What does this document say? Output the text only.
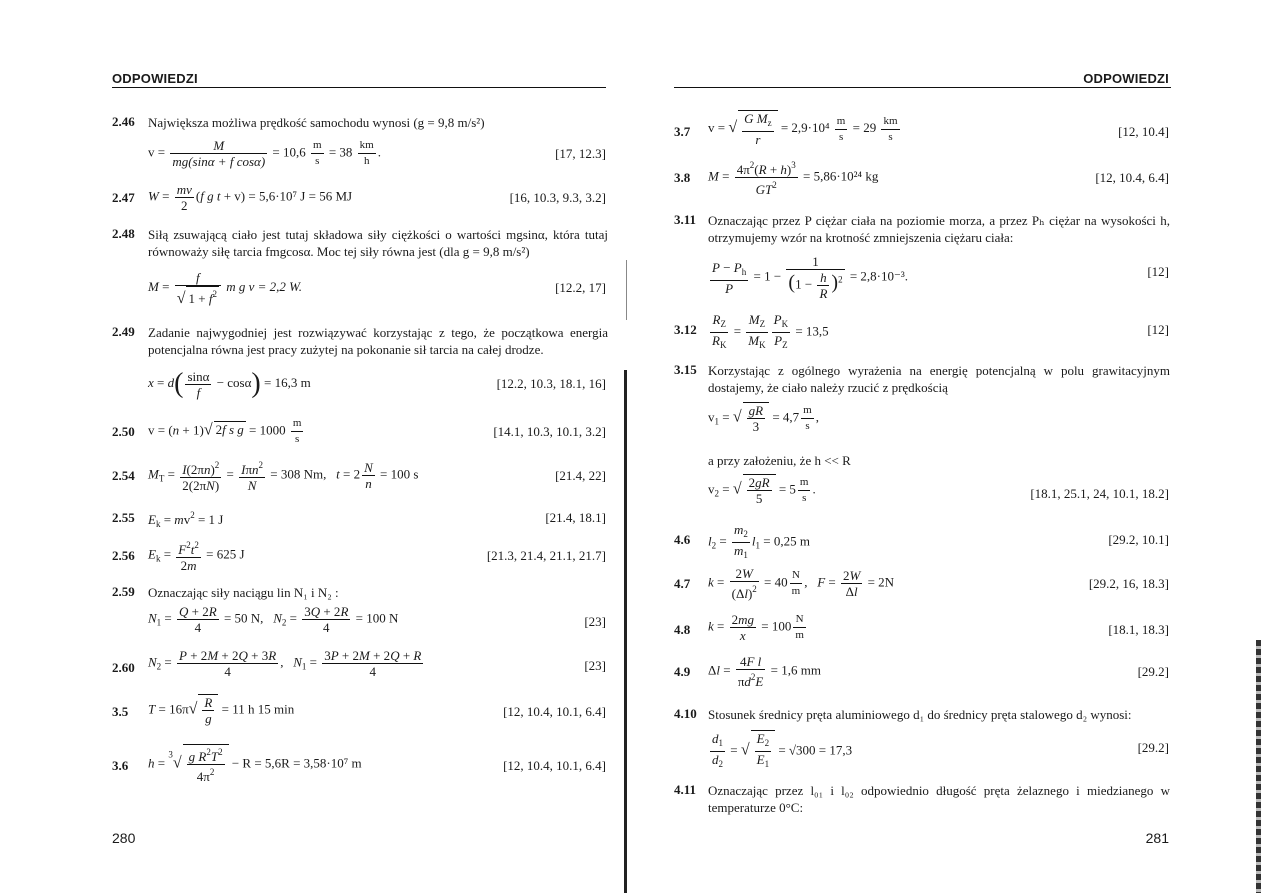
ODPOWIEDZI
2.46 Największa możliwa prędkość samochodu wynosi (g = 9,8 m/s²)
$v = \frac{M}{\text{mg(sinα + f cosα)}} = 10,6 \frac{m}{s} = 38 \frac{km}{h}$ .	[17, 12.3]
2.47 $W = \frac{mv}{2} (f$ g t + v) = 5,6·10⁷ J = 56 MJ	[16, 10.3, 9.3, 3.2]
2.48 Siłą zsuwającą ciało jest tutaj składowa siły ciężkości o wartości mgsinα, która tutaj równoważy siłę tarcia fmgcosα. Moc tej siły równa jest (dla g = 9,8 m/s²)
$M = \frac{f}{√ 1 + f^2}$ m g v = 2,2 W.	[12.2, 17]
2.49 Zadanie najwygodniej jest rozwiązywać korzystając z tego, że początkowa energia potencjalna równa jest pracy zużytej na pokonanie sił tarcia na całej drodze.
$x = d( \frac{\sin\alpha}{f} - \cos\alpha) = 16,3$ m	[12.2, 10.3, 18.1, 16]
2.50 v = (n + 1)√ 2f s $g = 1000 \frac{m}{s}$	[14.1, 10.3, 10.1, 3.2]
2.54 $M_T = \frac{I(2\pi n)^2}{2(2\pi N)} = \frac{I\pi n^2}{N} = 308$ Nm, $t = 2 \frac{N}{n} = 100$ s	[21.4, 22]
2.55 $E_k = mv^2 = 1$ J	[21.4, 18.1]
2.56 $E_k = \frac{F^2t^2}{2m} = 625$ J	[21.3, 21.4, 21.1, 21.7]
2.59 Oznaczając siły naciągu lin N₁ i N₂ :
$N_1 = \frac{Q + 2R}{4} = 50$ N, $N_2 = \frac{3Q + 2R}{4} = 100$ N	[23]
2.60 $N_2 = \frac{P + 2M + 2Q + 3R}{4}$ ,   $N_1 = \frac{3P + 2M + 2Q + R}{4}$	[23]
3.5 $T = 16\pi√ \frac{R}{g} = 11$ h 15 min	[12, 10.4, 10.1, 6.4]
3.6 $h = ^3√ \frac{g R^2T^2}{4\pi^2} - R = 5,6R = 3,58\cdot 10^7$ m	[12, 10.4, 10.1, 6.4]
280
ODPOWIEDZI
3.7 v = √ $\frac{G M_z}{r} = 2,9\cdot 10^4 \frac{m}{s} = 29 \frac{km}{s}$	[12, 10.4]
3.8 $M = \frac{4\pi^2(R + h)^3}{GT^2} = 5,86\cdot 10^{24}$ kg	[12, 10.4, 6.4]
3.11 Oznaczając przez P ciężar ciała na poziomie morza, a przez Pₕ ciężar na wysokości h, otrzymujemy wzór na krotność zmniejszenia ciężaru ciała:
$\frac{P - P_h}{P} = 1 - \frac{1}{(1 - \frac{h}{R} )^2} = 2,8\cdot 10^{-3}$.	[12]
$3.12 \frac{R_Z}{R_K} = \frac{M_Z}{M_K} \frac{P_K}{P_Z} = 13,5$	[12]
3.15 Korzystając z ogólnego wyrażenia na energię potencjalną w polu grawitacyjnym dostajemy, że ciało należy rzucić z prędkością
$v_1$ = √ $\frac{gR}{3} = 4,7 \frac{m}{s}$ ,
a przy założeniu, że h << R
$v_2$ = √ $\frac{2gR}{5} = 5 \frac{m}{s}$ .	[18.1, 25.1, 24, 10.1, 18.2]
4.6 $l_2 = \frac{m_2}{m_1} l_1 = 0,25$ m	[29.2, 10.1]
4.7 $k = \frac{2W}{(\Delta l)^2} = 40 \frac{N}{m}$ ,   $F = \frac{2W}{\Delta l} = 2N$	[29.2, 16, 18.3]
4.8 $k = \frac{2mg}{x} = 100 \frac{N}{m}$	[18.1, 18.3]
4.9 $\Delta l = \frac{\text{4F l}}{\pi d^2E} = 1,6$ mm	[29.2]
4.10 Stosunek średnicy pręta aluminiowego d₁ do średnicy pręta stalowego d₂ wynosi:
$\frac{d_1}{d_2}$ = √ $\frac{E_2}{E_1} = √300 = 17,3$	[29.2]
4.11 Oznaczając przez l₀₁ i l₀₂ odpowiednio długość pręta żelaznego i miedzianego w temperaturze 0°C:
281
